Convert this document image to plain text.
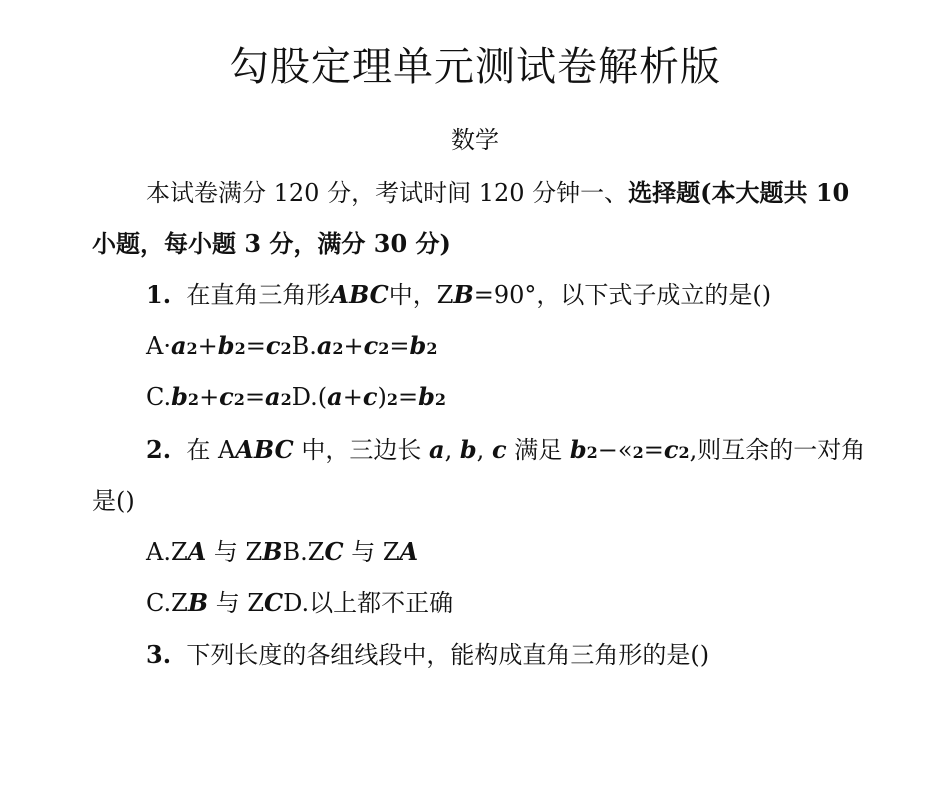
勾股定理单元测试卷解析版
数学
本试卷满分 120 分，考试时间 120 分钟一、选择题(本大题共 10
小题，每小题 3 分，满分 30 分)
1. 在直角三角形ABC中，ZB=90°，以下式子成立的是()
A·a2+b2=c2B.a2+c2=b2
C.b2+c2=a2D.(a+c)2=b2
2. 在 AABC 中，三边长 a, b, c 满足 b2−«2=c2,则互余的一对角
是()
A.ZA 与 ZBB.ZC 与 ZA
C.ZB 与 ZCD.以上都不正确
3. 下列长度的各组线段中，能构成直角三角形的是()
